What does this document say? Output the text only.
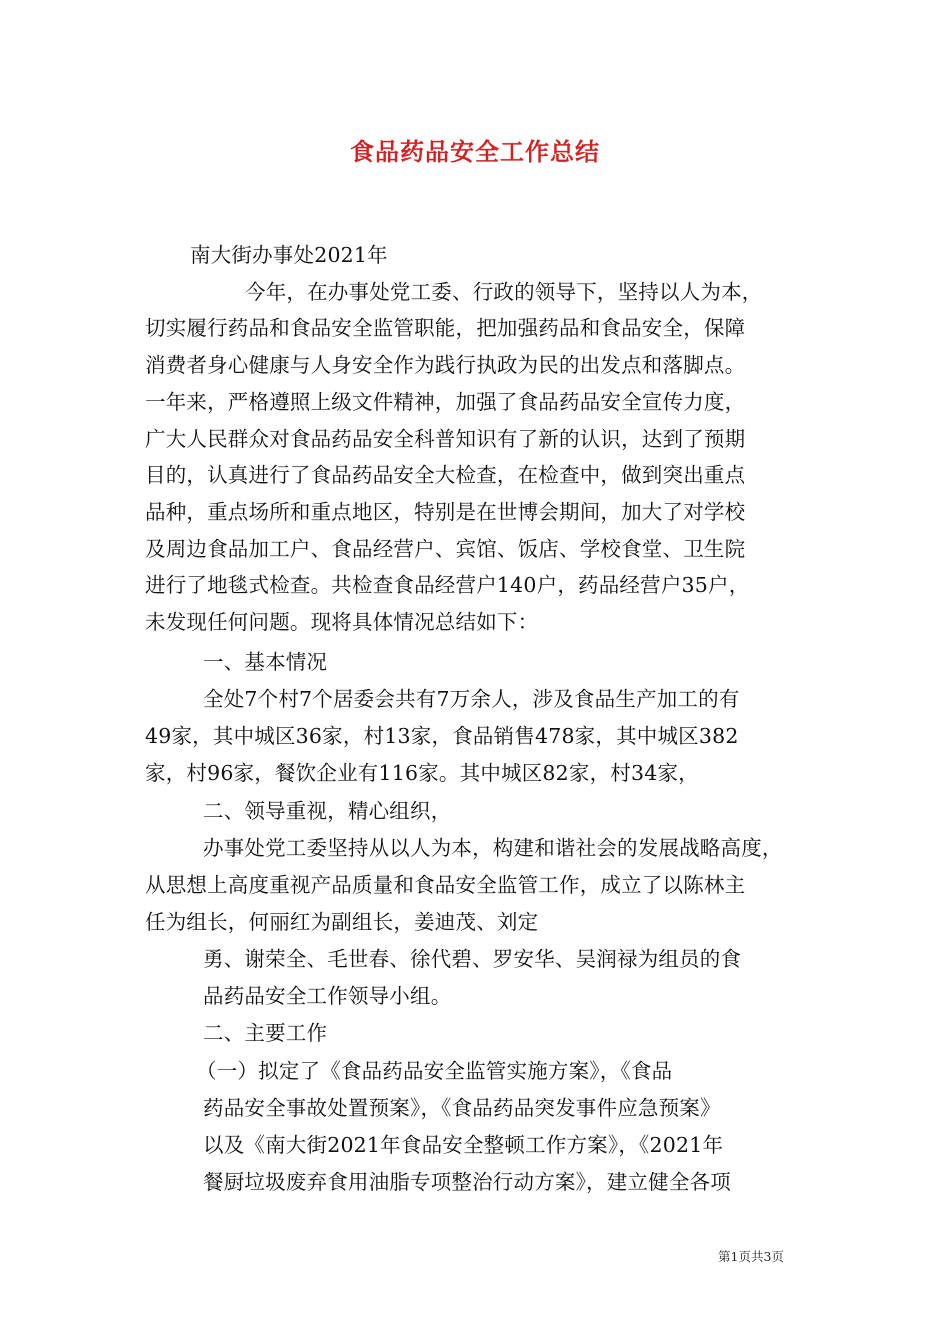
食品药品安全工作总结
南大街办事处2021年
今年，在办事处党工委、行政的领导下，坚持以人为本，
切实履行药品和食品安全监管职能，把加强药品和食品安全，保障
消费者身心健康与人身安全作为践行执政为民的出发点和落脚点。
一年来，严格遵照上级文件精神，加强了食品药品安全宣传力度，
广大人民群众对食品药品安全科普知识有了新的认识，达到了预期
目的，认真进行了食品药品安全大检查，在检查中，做到突出重点
品种，重点场所和重点地区，特别是在世博会期间，加大了对学校
及周边食品加工户、食品经营户、宾馆、饭店、学校食堂、卫生院
进行了地毯式检查。共检查食品经营户140户，药品经营户35户，
未发现任何问题。现将具体情况总结如下：
一、基本情况
全处7个村7个居委会共有7万余人，涉及食品生产加工的有
49家，其中城区36家，村13家，食品销售478家，其中城区382
家，村96家，餐饮企业有116家。其中城区82家，村34家，
二、领导重视，精心组织，
办事处党工委坚持从以人为本，构建和谐社会的发展战略高度，
从思想上高度重视产品质量和食品安全监管工作，成立了以陈林主
任为组长，何丽红为副组长，姜迪茂、刘定
勇、谢荣全、毛世春、徐代碧、罗安华、吴润禄为组员的食
品药品安全工作领导小组。
二、主要工作
（一）拟定了《食品药品安全监管实施方案》，《食品
药品安全事故处置预案》，《食品药品突发事件应急预案》
以及《南大街2021年食品安全整顿工作方案》，《2021年
餐厨垃圾废弃食用油脂专项整治行动方案》，建立健全各项
第1页共3页
